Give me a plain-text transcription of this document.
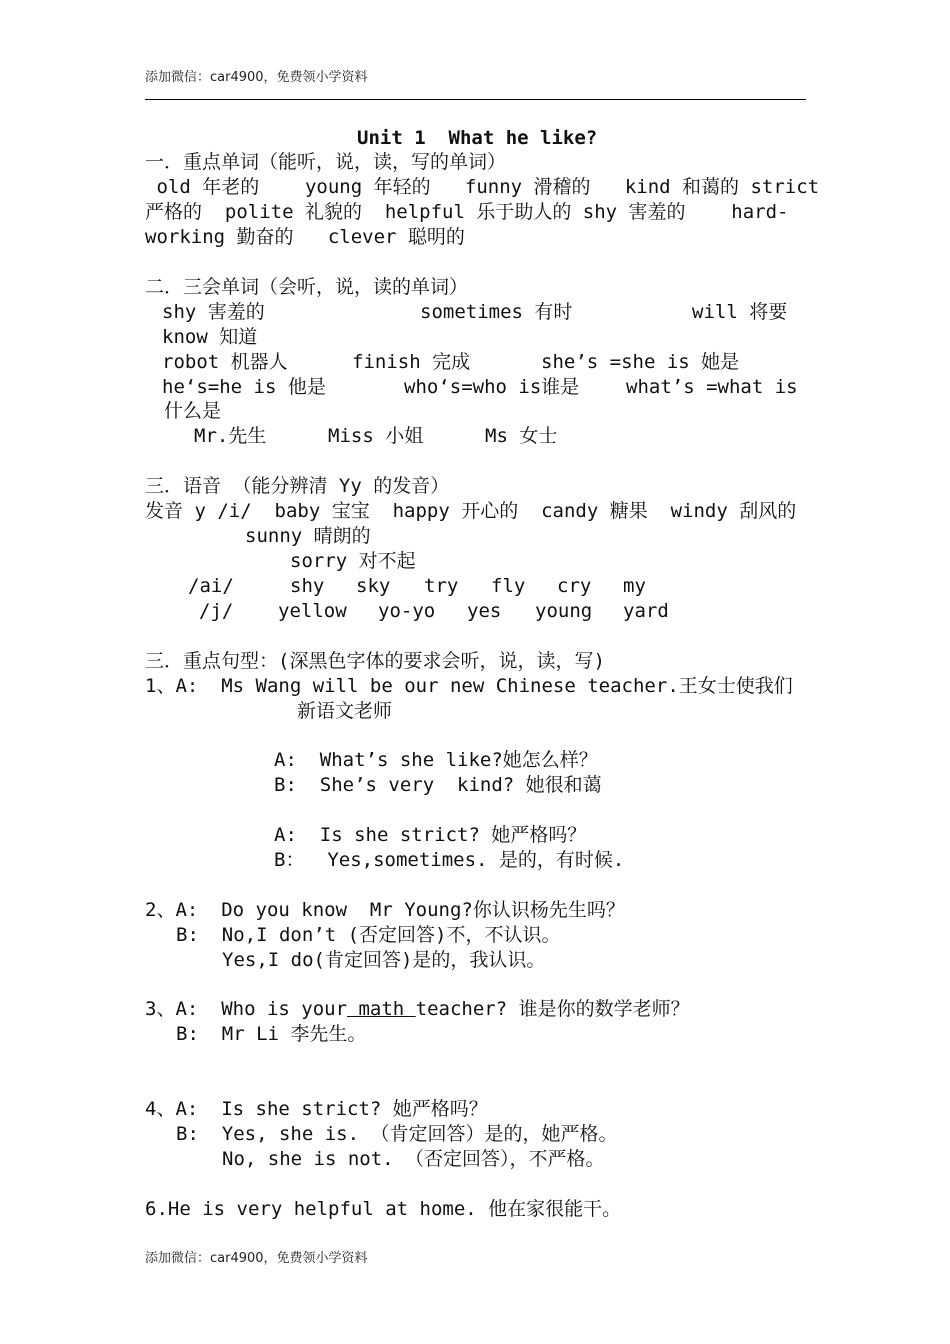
添加微信：car4900，免费领小学资料
Unit 1  What he like?
一．重点单词（能听，说，读，写的单词）
old 年老的    young 年轻的   funny 滑稽的   kind 和蔼的 strict
严格的  polite 礼貌的  helpful 乐于助人的 shy 害羞的    hard-
working 勤奋的   clever 聪明的
二．三会单词（会听，说，读的单词）

shy 害羞的

	sometimes 有时

	will 将要

know 知道

robot 机器人

	finish 完成

	she’s =she is 她是

he‘s=he is 他是

	who‘s=who is谁是

what’s =what is

什么是

Mr.先生

	Miss 小姐

	Ms 女士

三．语音 （能分辨清 Yy 的发音）
发音 y /i/  baby 宝宝  happy 开心的  candy 糖果  windy 刮风的
sunny 晴朗的
sorry 对不起

/ai/

	shy

sky

try

fly

cry

my

/j/

yellow

yo-yo

yes

young

yard

三．重点句型：(深黑色字体的要求会听，说，读，写)
1、A:  Ms Wang will be our new Chinese teacher.王女士使我们
新语文老师
A:  What’s she like?她怎么样？
B:  She’s very  kind? 她很和蔼
A:  Is she strict? 她严格吗？
B：  Yes,sometimes. 是的，有时候.
2、A:  Do you know  Mr Young?你认识杨先生吗？
B:  No,I don’t (否定回答)不，不认识。
Yes,I do(肯定回答)是的，我认识。
3、A:  Who is your math teacher? 谁是你的数学老师？
B:  Mr Li 李先生。
4、A:  Is she strict? 她严格吗？
B:  Yes, she is. （肯定回答）是的，她严格。
No, she is not. （否定回答），不严格。
6.He is very helpful at home. 他在家很能干。
添加微信：car4900，免费领小学资料
